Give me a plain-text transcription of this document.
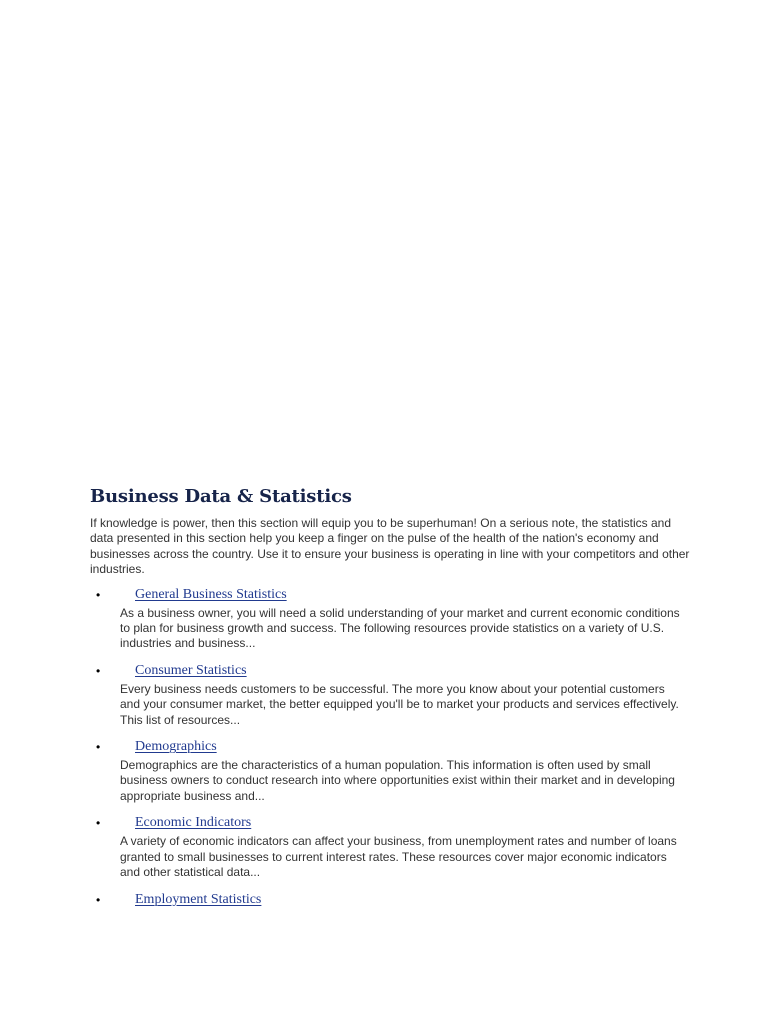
Business Data & Statistics

If knowledge is power, then this section will equip you to be superhuman! On a serious note, the statistics and data presented in this section help you keep a finger on the pulse of the health of the nation's economy and businesses across the country. Use it to ensure your business is operating in line with your competitors and other industries.

• General Business Statistics
As a business owner, you will need a solid understanding of your market and current economic conditions to plan for business growth and success. The following resources provide statistics on a variety of U.S. industries and business...
• Consumer Statistics
Every business needs customers to be successful. The more you know about your potential customers and your consumer market, the better equipped you'll be to market your products and services effectively. This list of resources...
• Demographics
Demographics are the characteristics of a human population. This information is often used by small business owners to conduct research into where opportunities exist within their market and in developing appropriate business and...
• Economic Indicators
A variety of economic indicators can affect your business, from unemployment rates and number of loans granted to small businesses to current interest rates. These resources cover major economic indicators and other statistical data...
• Employment Statistics
